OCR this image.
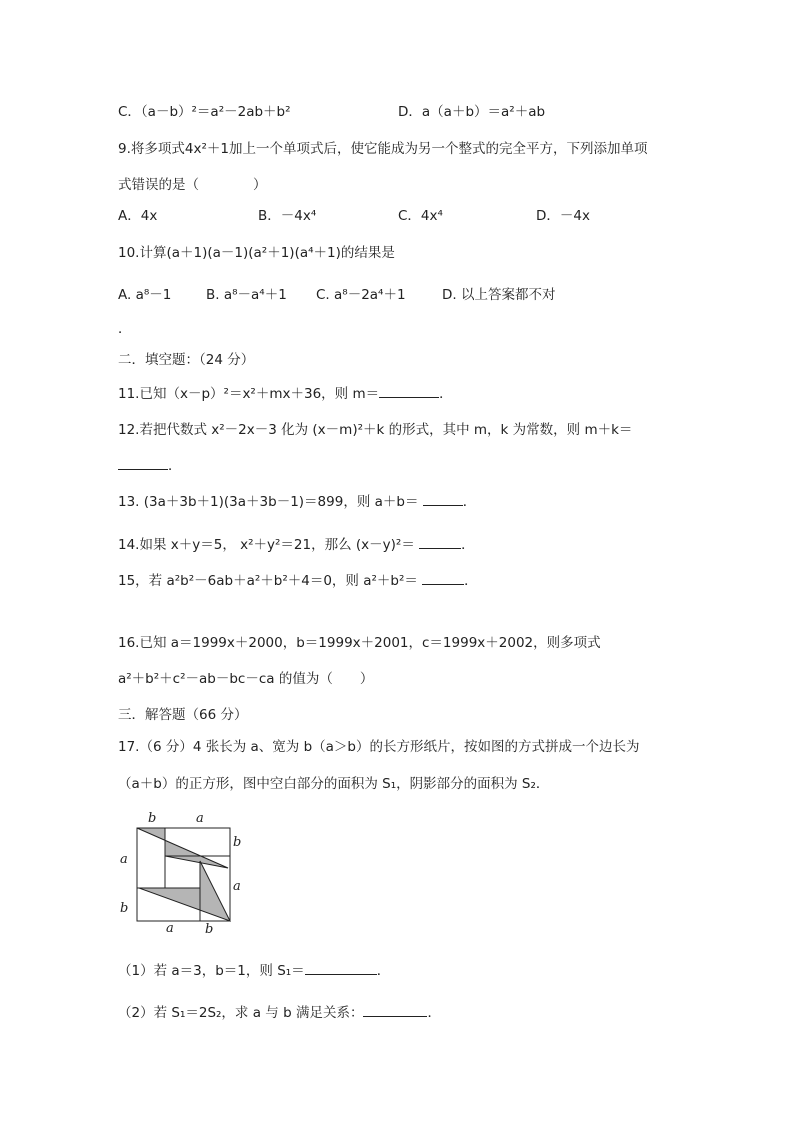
C．（a－b）²＝a²－2ab＋b²	D．a（a＋b）＝a²＋ab
9.将多项式4x²＋1加上一个单项式后，使它能成为另一个整式的完全平方，下列添加单项
式错误的是（　　　　）
A．4x	B．－4x⁴	C．4x⁴	D．－4x
10.计算(a＋1)(a－1)(a²＋1)(a⁴＋1)的结果是
A. a⁸－1	B. a⁸－a⁴＋1 C. a⁸－2a⁴＋1	D. 以上答案都不对
．
二．填空题：（24 分）
11.已知（x－p）²＝x²＋mx＋36，则 m＝	．
12.若把代数式 x²－2x－3 化为 (x－m)²＋k 的形式，其中 m，k 为常数，则 m＋k＝
．
13. (3a＋3b＋1)(3a＋3b－1)＝899，则 a＋b＝	．
14.如果 x＋y＝5， x²＋y²＝21，那么 (x－y)²＝	．
15，若 a²b²－6ab＋a²＋b²＋4＝0，则 a²＋b²＝	．
16.已知 a＝1999x＋2000，b＝1999x＋2001，c＝1999x＋2002，则多项式
a²＋b²＋c²－ab－bc－ca 的值为（　　）
三．解答题（66 分）
17.（6 分）4 张长为 a、宽为 b（a＞b）的长方形纸片，按如图的方式拼成一个边长为
（a＋b）的正方形，图中空白部分的面积为 S₁，阴影部分的面积为 S₂．
b	a
b
a
a
b
a b
（1）若 a＝3，b＝1，则 S₁＝	．
（2）若 S₁＝2S₂，求 a 与 b 满足关系：	．
